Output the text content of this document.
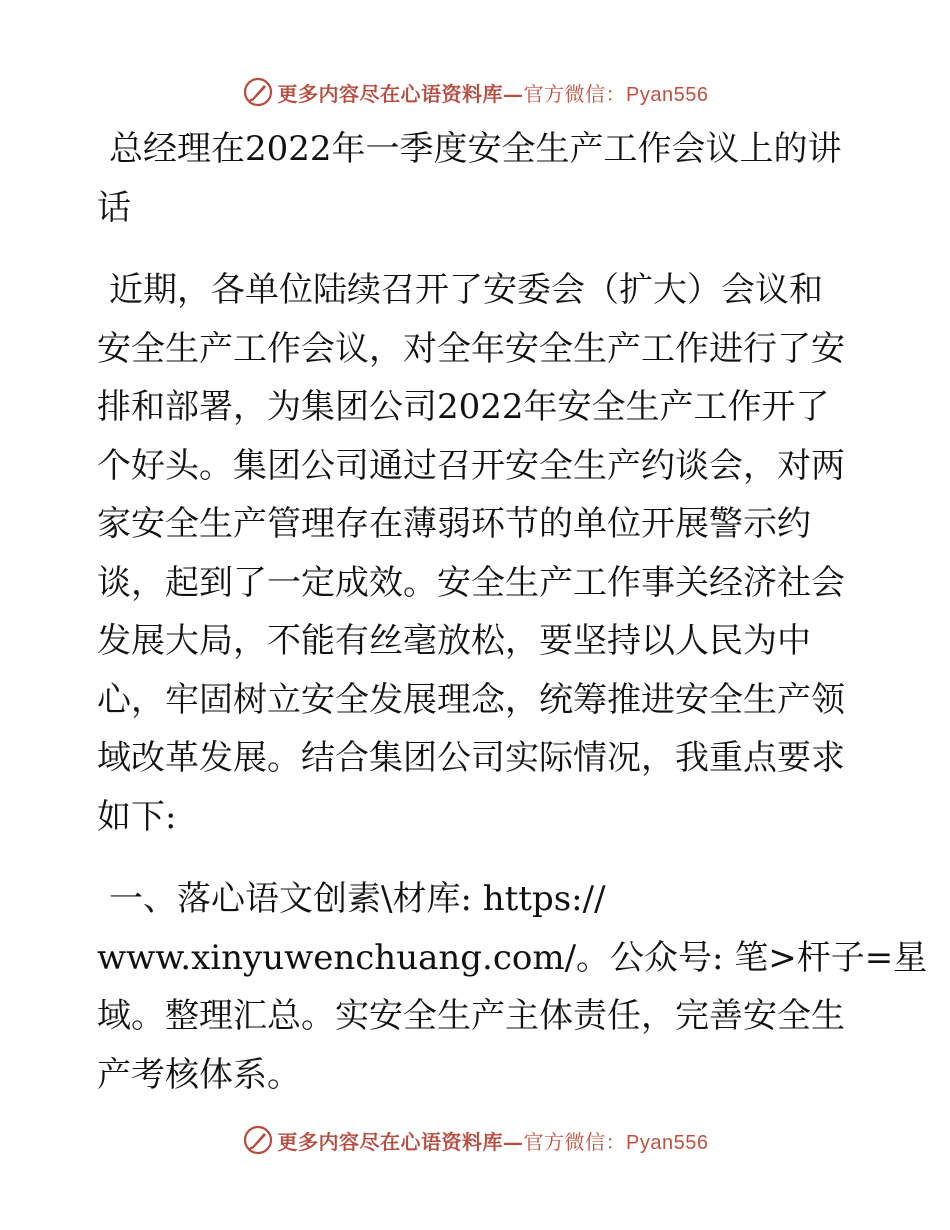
更多内容尽在心语资料库—官方微信：Pyan556
总经理在2022年一季度安全生产工作会议上的讲
话
近期，各单位陆续召开了安委会（扩大）会议和
安全生产工作会议，对全年安全生产工作进行了安
排和部署，为集团公司2022年安全生产工作开了
个好头。集团公司通过召开安全生产约谈会，对两
家安全生产管理存在薄弱环节的单位开展警示约
谈，起到了一定成效。安全生产工作事关经济社会
发展大局，不能有丝毫放松，要坚持以人民为中
心，牢固树立安全发展理念，统筹推进安全生产领
域改革发展。结合集团公司实际情况，我重点要求
如下:
一、落心语文创素\材库: https://
www.xinyuwenchuang.com/。公众号: 笔>杆子=星
域。整理汇总。实安全生产主体责任，完善安全生
产考核体系。
更多内容尽在心语资料库—官方微信：Pyan556
